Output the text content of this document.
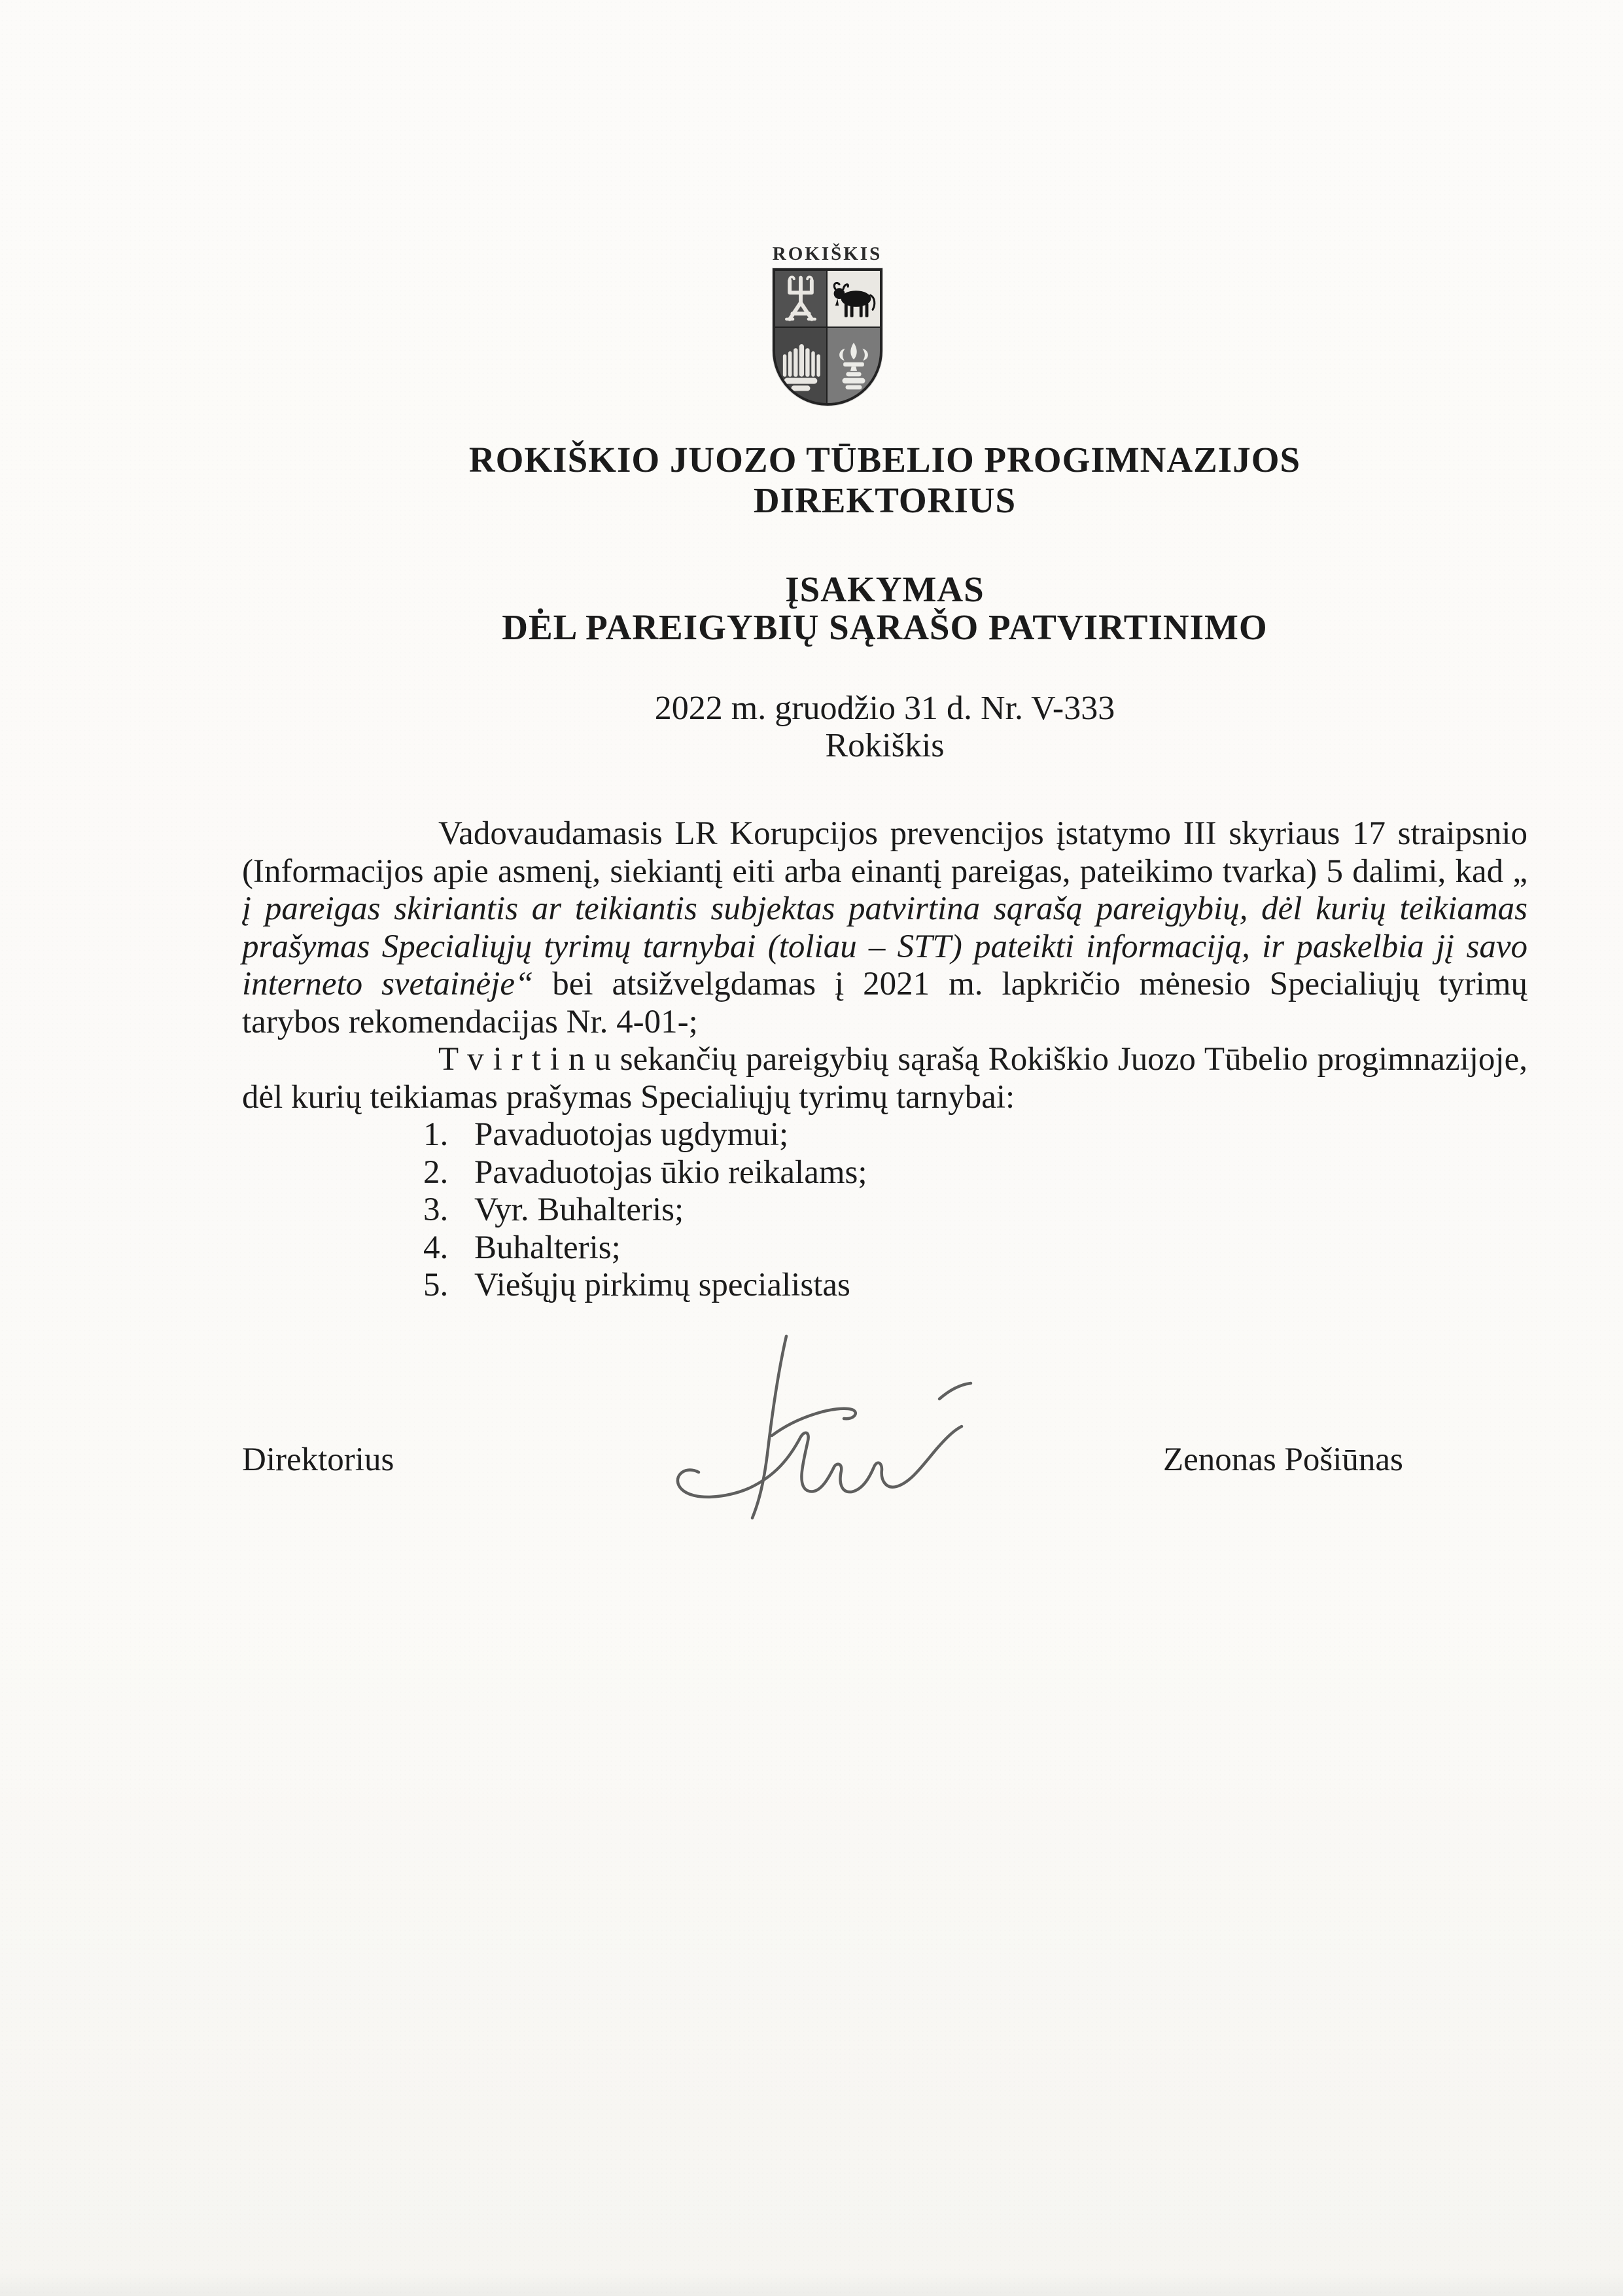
ROKIŠKIS
ROKIŠKIO JUOZO TŪBELIO PROGIMNAZIJOS
DIREKTORIUS
ĮSAKYMAS
DĖL PAREIGYBIŲ SĄRAŠO PATVIRTINIMO
2022 m. gruodžio 31 d. Nr. V-333
Rokiškis

Vadovaudamasis LR Korupcijos prevencijos įstatymo III skyriaus 17 straipsnio (Informacijos apie asmenį, siekiantį eiti arba einantį pareigas, pateikimo tvarka) 5 dalimi, kad „ į pareigas skiriantis ar teikiantis subjektas patvirtina sąrašą pareigybių, dėl kurių teikiamas prašymas Specialiųjų tyrimų tarnybai (toliau – STT) pateikti informaciją, ir paskelbia jį savo interneto svetainėje“ bei atsižvelgdamas į 2021 m. lapkričio mėnesio Specialiųjų tyrimų tarybos rekomendacijas Nr. 4-01-;

T v i r t i n u sekančių pareigybių sąrašą Rokiškio Juozo Tūbelio progimnazijoje, dėl kurių teikiamas prašymas Specialiųjų tyrimų tarnybai:

1. Pavaduotojas ugdymui;
2. Pavaduotojas ūkio reikalams;
3. Vyr. Buhalteris;
4. Buhalteris;
5. Viešųjų pirkimų specialistas
Direktorius	Zenonas Pošiūnas
